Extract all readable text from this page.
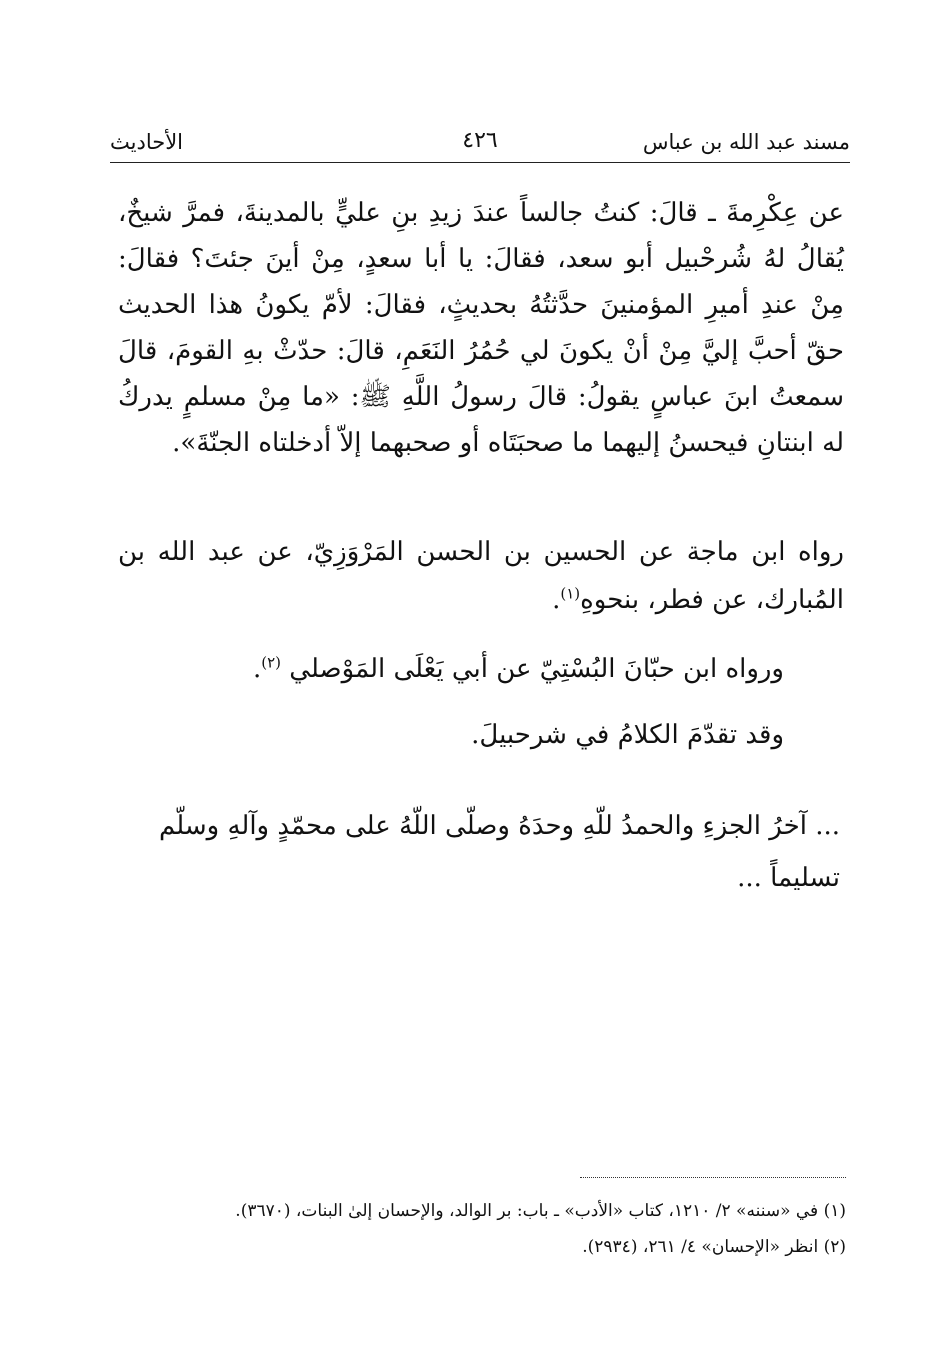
مسند عبد الله بن عباس
٤٢٦
الأحاديث
عن عِكْرِمةَ ـ قالَ: كنتُ جالساً عندَ زيدِ بنِ عليٍّ بالمدينةَ، فمرَّ شيخٌ، يُقالُ لهُ شُرحْبيل أبو سعد، فقالَ: يا أبا سعدٍ، مِنْ أينَ جئتَ؟ فقالَ: مِنْ عندِ أميرِ المؤمنينَ حدَّثتُهُ بحديثٍ، فقالَ: لأمّ يكونُ هذا الحديث حقّ أحبَّ إليَّ مِنْ أنْ يكونَ لي حُمُرُ النَعَمِ، قالَ: حدّثْ بهِ القومَ، قالَ سمعتُ ابنَ عباسٍ يقولُ: قالَ رسولُ اللَّهِ ﷺ: «ما مِنْ مسلمٍ يدركُ له ابنتانِ فيحسنُ إليهما ما صحبَتَاه أو صحبهما إلاّ أدخلتاه الجنّةَ».
رواه ابن ماجة عن الحسين بن الحسن المَرْوَزِيّ، عن عبد الله بن المُبارك، عن فطر، بنحوهِ$^{(١)}$.
ورواه ابن حبّانَ البُسْتِيّ عن أبي يَعْلَى المَوْصلي $^{(٢)}$.
وقد تقدّمَ الكلامُ في شرحبيلَ.
... آخرُ الجزءِ والحمدُ للّهِ وحدَهُ وصلّى اللّهُ على محمّدٍ وآلهِ وسلّم تسليماً ...

(١) في «سننه» ٢/ ١٢١٠، كتاب «الأدب» ـ باب: بر الوالد، والإحسان إلىٰ البنات، (٣٦٧٠).

(٢) انظر «الإحسان» ٤/ ٢٦١، (٢٩٣٤).
